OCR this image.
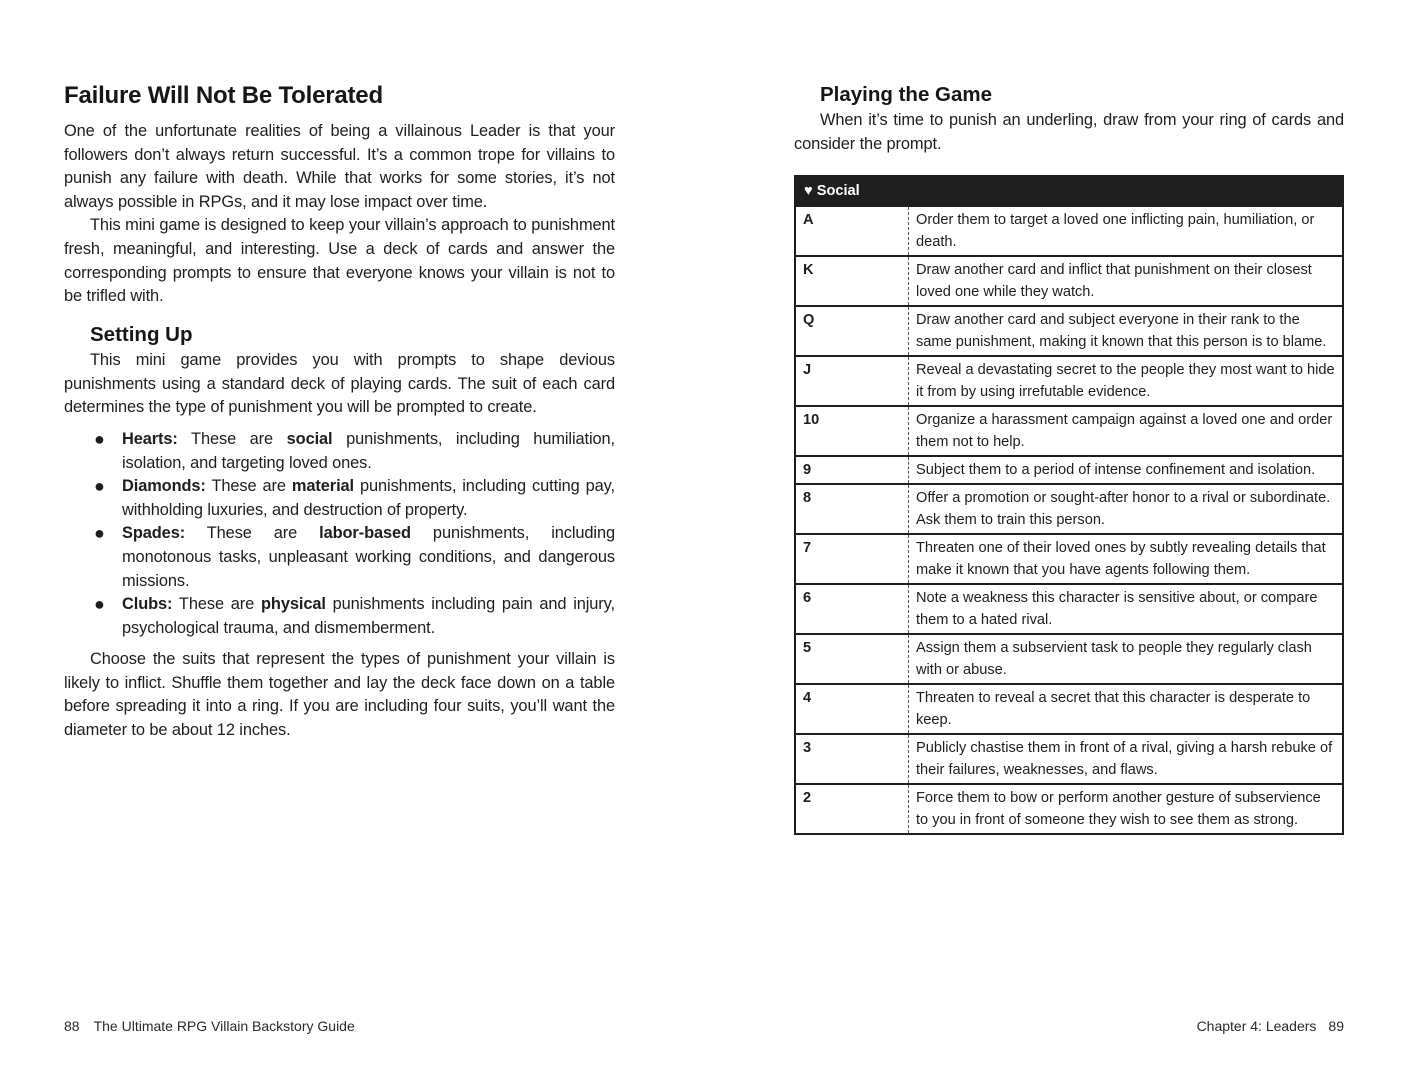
Failure Will Not Be Tolerated

One of the unfortunate realities of being a villainous Leader is that your followers don’t always return successful. It’s a common trope for villains to punish any failure with death. While that works for some stories, it’s not always possible in RPGs, and it may lose impact over time.

This mini game is designed to keep your villain’s approach to punishment fresh, meaningful, and interesting. Use a deck of cards and answer the corresponding prompts to ensure that everyone knows your villain is not to be trifled with.

Setting Up

This mini game provides you with prompts to shape devious punishments using a standard deck of playing cards. The suit of each card determines the type of punishment you will be prompted to create.

● Hearts: These are social punishments, including humiliation, isolation, and targeting loved ones.
● Diamonds: These are material punishments, including cutting pay, withholding luxuries, and destruction of property.
● Spades: These are labor-based punishments, including monotonous tasks, unpleasant working conditions, and dangerous missions.
● Clubs: These are physical punishments including pain and injury, psychological trauma, and dismemberment.

Choose the suits that represent the types of punishment your villain is likely to inflict. Shuffle them together and lay the deck face down on a table before spreading it into a ring. If you are including four suits, you’ll want the diameter to be about 12 inches.

88 The Ultimate RPG Villain Backstory Guide
Playing the Game

When it’s time to punish an underling, draw from your ring of cards and consider the prompt.

♥ Social	
A	Order them to target a loved one inflicting pain, humiliation, or death.
K	Draw another card and inflict that punishment on their closest loved one while they watch.
Q	Draw another card and subject everyone in their rank to the same punishment, making it known that this person is to blame.
J	Reveal a devastating secret to the people they most want to hide it from by using irrefutable evidence.
10	Organize a harassment campaign against a loved one and order them not to help.
9	Subject them to a period of intense confinement and isolation.
8	Offer a promotion or sought-after honor to a rival or subordinate. Ask them to train this person.
7	Threaten one of their loved ones by subtly revealing details that make it known that you have agents following them.
6	Note a weakness this character is sensitive about, or compare them to a hated rival.
5	Assign them a subservient task to people they regularly clash with or abuse.
4	Threaten to reveal a secret that this character is desperate to keep.
3	Publicly chastise them in front of a rival, giving a harsh rebuke of their failures, weaknesses, and flaws.
2	Force them to bow or perform another gesture of subservience to you in front of someone they wish to see them as strong.
Chapter 4: Leaders 89
